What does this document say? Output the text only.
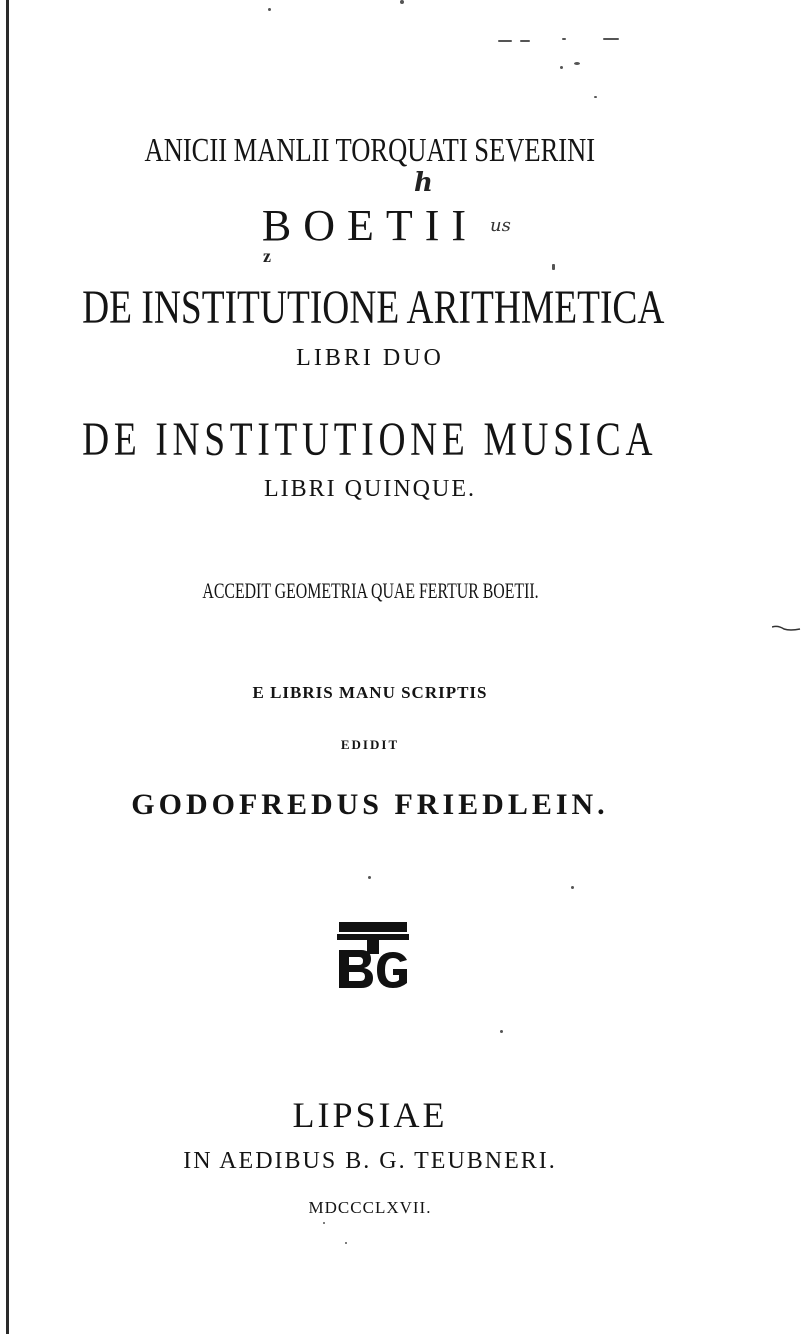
ANICII MANLII TORQUATI SEVERINI
h
BOETII us
z
DE INSTITUTIONE ARITHMETICA
LIBRI DUO
DE INSTITUTIONE MUSICA
LIBRI QUINQUE.
ACCEDIT GEOMETRIA QUAE FERTUR BOETII.
E LIBRIS MANU SCRIPTIS
EDIDIT
GODOFREDUS FRIEDLEIN.
LIPSIAE
IN AEDIBUS B. G. TEUBNERI.
MDCCCLXVII.
